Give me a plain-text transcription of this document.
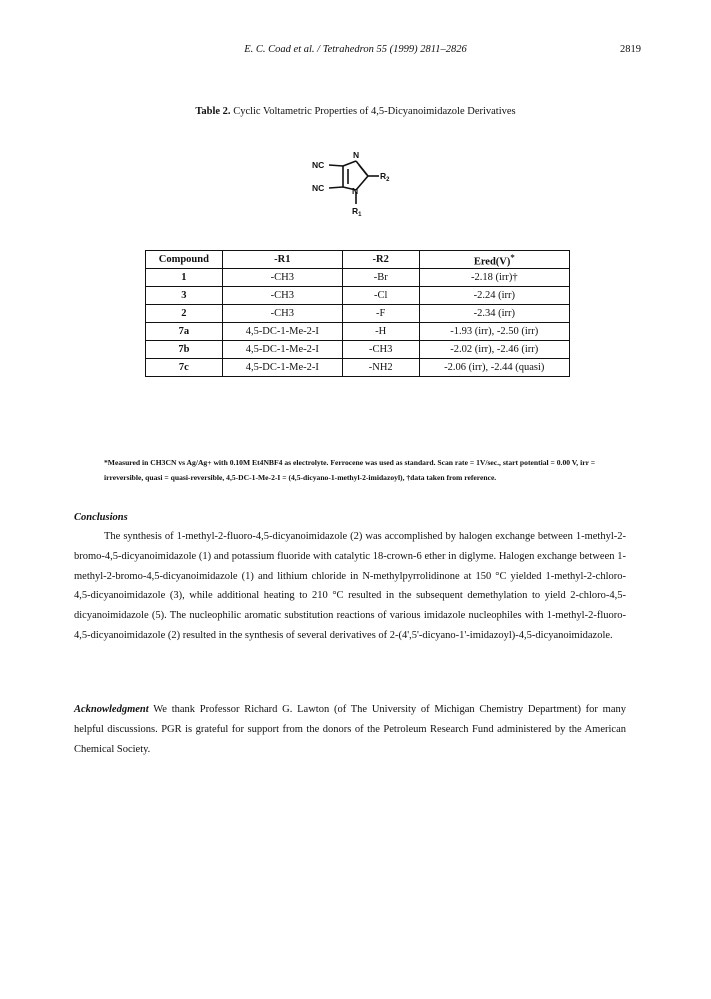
E. C. Coad et al. / Tetrahedron 55 (1999) 2811–2826	2819
Table 2. Cyclic Voltametric Properties of 4,5-Dicyanoimidazole Derivatives
NC
NC
N
N
$R_2$
$R_1$
Compound	-R1	-R2	Ered(V)*
1	-CH3	-Br	-2.18 (irr)†
3	-CH3	-Cl	-2.24 (irr)
2	-CH3	-F	-2.34 (irr)
7a	4,5-DC-1-Me-2-I	-H	-1.93 (irr), -2.50 (irr)
7b	4,5-DC-1-Me-2-I	-CH3	-2.02 (irr), -2.46 (irr)
7c	4,5-DC-1-Me-2-I	-NH2	-2.06 (irr), -2.44 (quasi)
*Measured in CH3CN vs Ag/Ag+ with 0.10M Et4NBF4 as electrolyte. Ferrocene was used as standard. Scan rate = 1V/sec., start potential = 0.00 V, irr = irreversible, quasi = quasi-reversible, 4,5-DC-1-Me-2-I = (4,5-dicyano-1-methyl-2-imidazoyl), †data taken from reference.
Conclusions
The synthesis of 1-methyl-2-fluoro-4,5-dicyanoimidazole (2) was accomplished by halogen exchange between 1-methyl-2-bromo-4,5-dicyanoimidazole (1) and potassium fluoride with catalytic 18-crown-6 ether in diglyme. Halogen exchange between 1-methyl-2-bromo-4,5-dicyanoimidazole (1) and lithium chloride in N-methylpyrrolidinone at 150 °C yielded 1-methyl-2-chloro-4,5-dicyanoimidazole (3), while additional heating to 210 °C resulted in the subsequent demethylation to yield 2-chloro-4,5-dicyanoimidazole (5). The nucleophilic aromatic substitution reactions of various imidazole nucleophiles with 1-methyl-2-fluoro-4,5-dicyanoimidazole (2) resulted in the synthesis of several derivatives of 2-(4',5'-dicyano-1'-imidazoyl)-4,5-dicyanoimidazole.
Acknowledgment We thank Professor Richard G. Lawton (of The University of Michigan Chemistry Department) for many helpful discussions. PGR is grateful for support from the donors of the Petroleum Research Fund administered by the American Chemical Society.
